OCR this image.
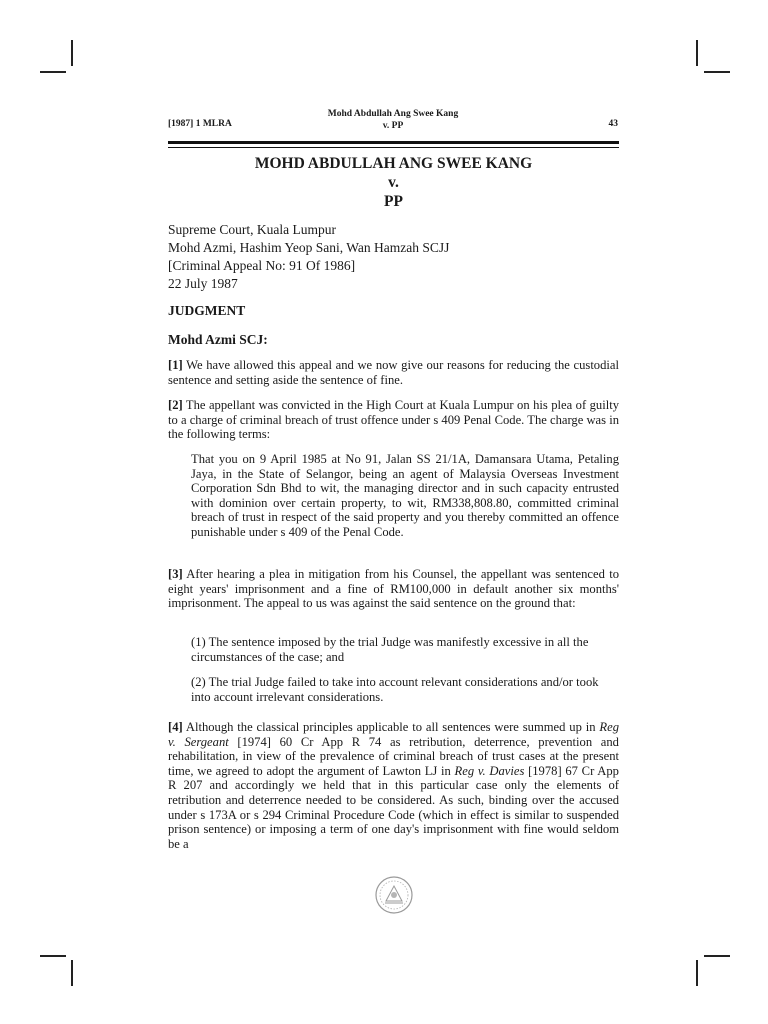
[1987] 1 MLRA
Mohd Abdullah Ang Swee Kang
v. PP	43
MOHD ABDULLAH ANG SWEE KANG
v.
PP
Supreme Court, Kuala Lumpur
Mohd Azmi, Hashim Yeop Sani, Wan Hamzah SCJJ
[Criminal Appeal No: 91 Of 1986]
22 July 1987
JUDGMENT
Mohd Azmi SCJ:

[1] We have allowed this appeal and we now give our reasons for reducing the custodial sentence and setting aside the sentence of fine.

[2] The appellant was convicted in the High Court at Kuala Lumpur on his plea of guilty to a charge of criminal breach of trust offence under s 409 Penal Code. The charge was in the following terms:

That you on 9 April 1985 at No 91, Jalan SS 21/1A, Damansara Utama, Petaling Jaya, in the State of Selangor, being an agent of Malaysia Overseas Investment Corporation Sdn Bhd to wit, the managing director and in such capacity entrusted with dominion over certain property, to wit, RM338,808.80, committed criminal breach of trust in respect of the said property and you thereby committed an offence punishable under s 409 of the Penal Code.

[3] After hearing a plea in mitigation from his Counsel, the appellant was sentenced to eight years' imprisonment and a fine of RM100,000 in default another six months' imprisonment. The appeal to us was against the said sentence on the ground that:

(1) The sentence imposed by the trial Judge was manifestly excessive in all the circumstances of the case; and

(2) The trial Judge failed to take into account relevant considerations and/or took into account irrelevant considerations.

[4] Although the classical principles applicable to all sentences were summed up in Reg v. Sergeant [1974] 60 Cr App R 74 as retribution, deterrence, prevention and rehabilitation, in view of the prevalence of criminal breach of trust cases at the present time, we agreed to adopt the argument of Lawton LJ in Reg v. Davies [1978] 67 Cr App R 207 and accordingly we held that in this particular case only the elements of retribution and deterrence needed to be considered. As such, binding over the accused under s 173A or s 294 Criminal Procedure Code (which in effect is similar to suspended prison sentence) or imposing a term of one day's imprisonment with fine would seldom be a
